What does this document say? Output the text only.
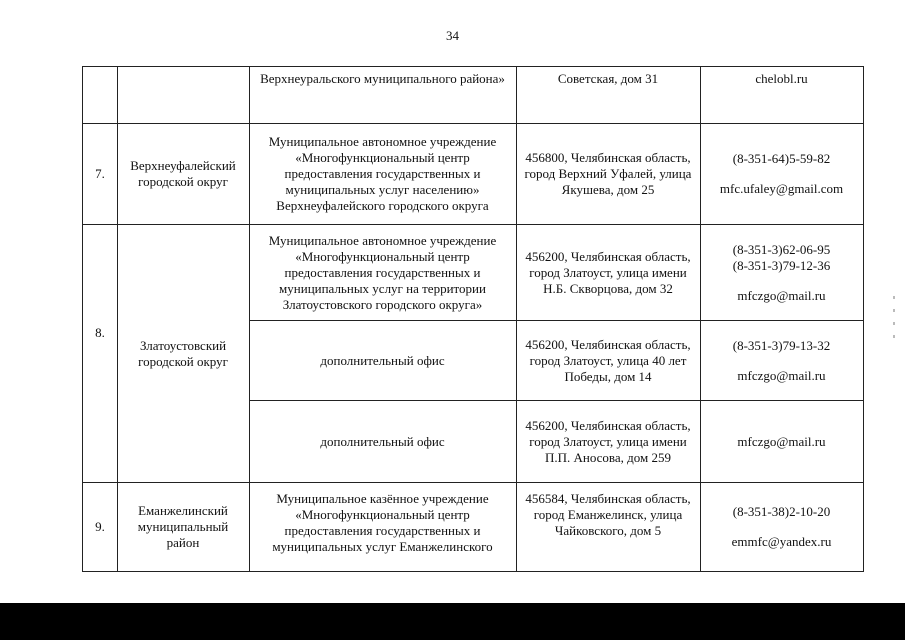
34
Верхнеуральского муниципального района»	Советская, дом 31	chelobl.ru
7.
Верхнеуфалейский городской округ
Муниципальное автономное учреждение «Многофункциональный центр предоставления государственных и муниципальных услуг населению» Верхнеуфалейского городского округа
456800, Челябинская область, город Верхний Уфалей, улица Якушева, дом 25
(8-351-64)5-59-82
mfc.ufaley@gmail.com
8.
Златоустовский городской округ
Муниципальное автономное учреждение «Многофункциональный центр предоставления государственных и муниципальных услуг на территории Златоустовского городского округа»
456200, Челябинская область, город Златоуст, улица имени Н.Б. Скворцова, дом 32
(8-351-3)62-06-95
(8-351-3)79-12-36
mfczgo@mail.ru
дополнительный офис
456200, Челябинская область, город Златоуст, улица 40 лет Победы, дом 14
(8-351-3)79-13-32
mfczgo@mail.ru
дополнительный офис
456200, Челябинская область, город Златоуст, улица имени П.П. Аносова, дом 259
mfczgo@mail.ru
9.
Еманжелинский муниципальный район
Муниципальное казённое учреждение «Многофункциональный центр предоставления государственных и муниципальных услуг Еманжелинского
456584, Челябинская область, город Еманжелинск, улица Чайковского, дом 5
(8-351-38)2-10-20
emmfc@yandex.ru
